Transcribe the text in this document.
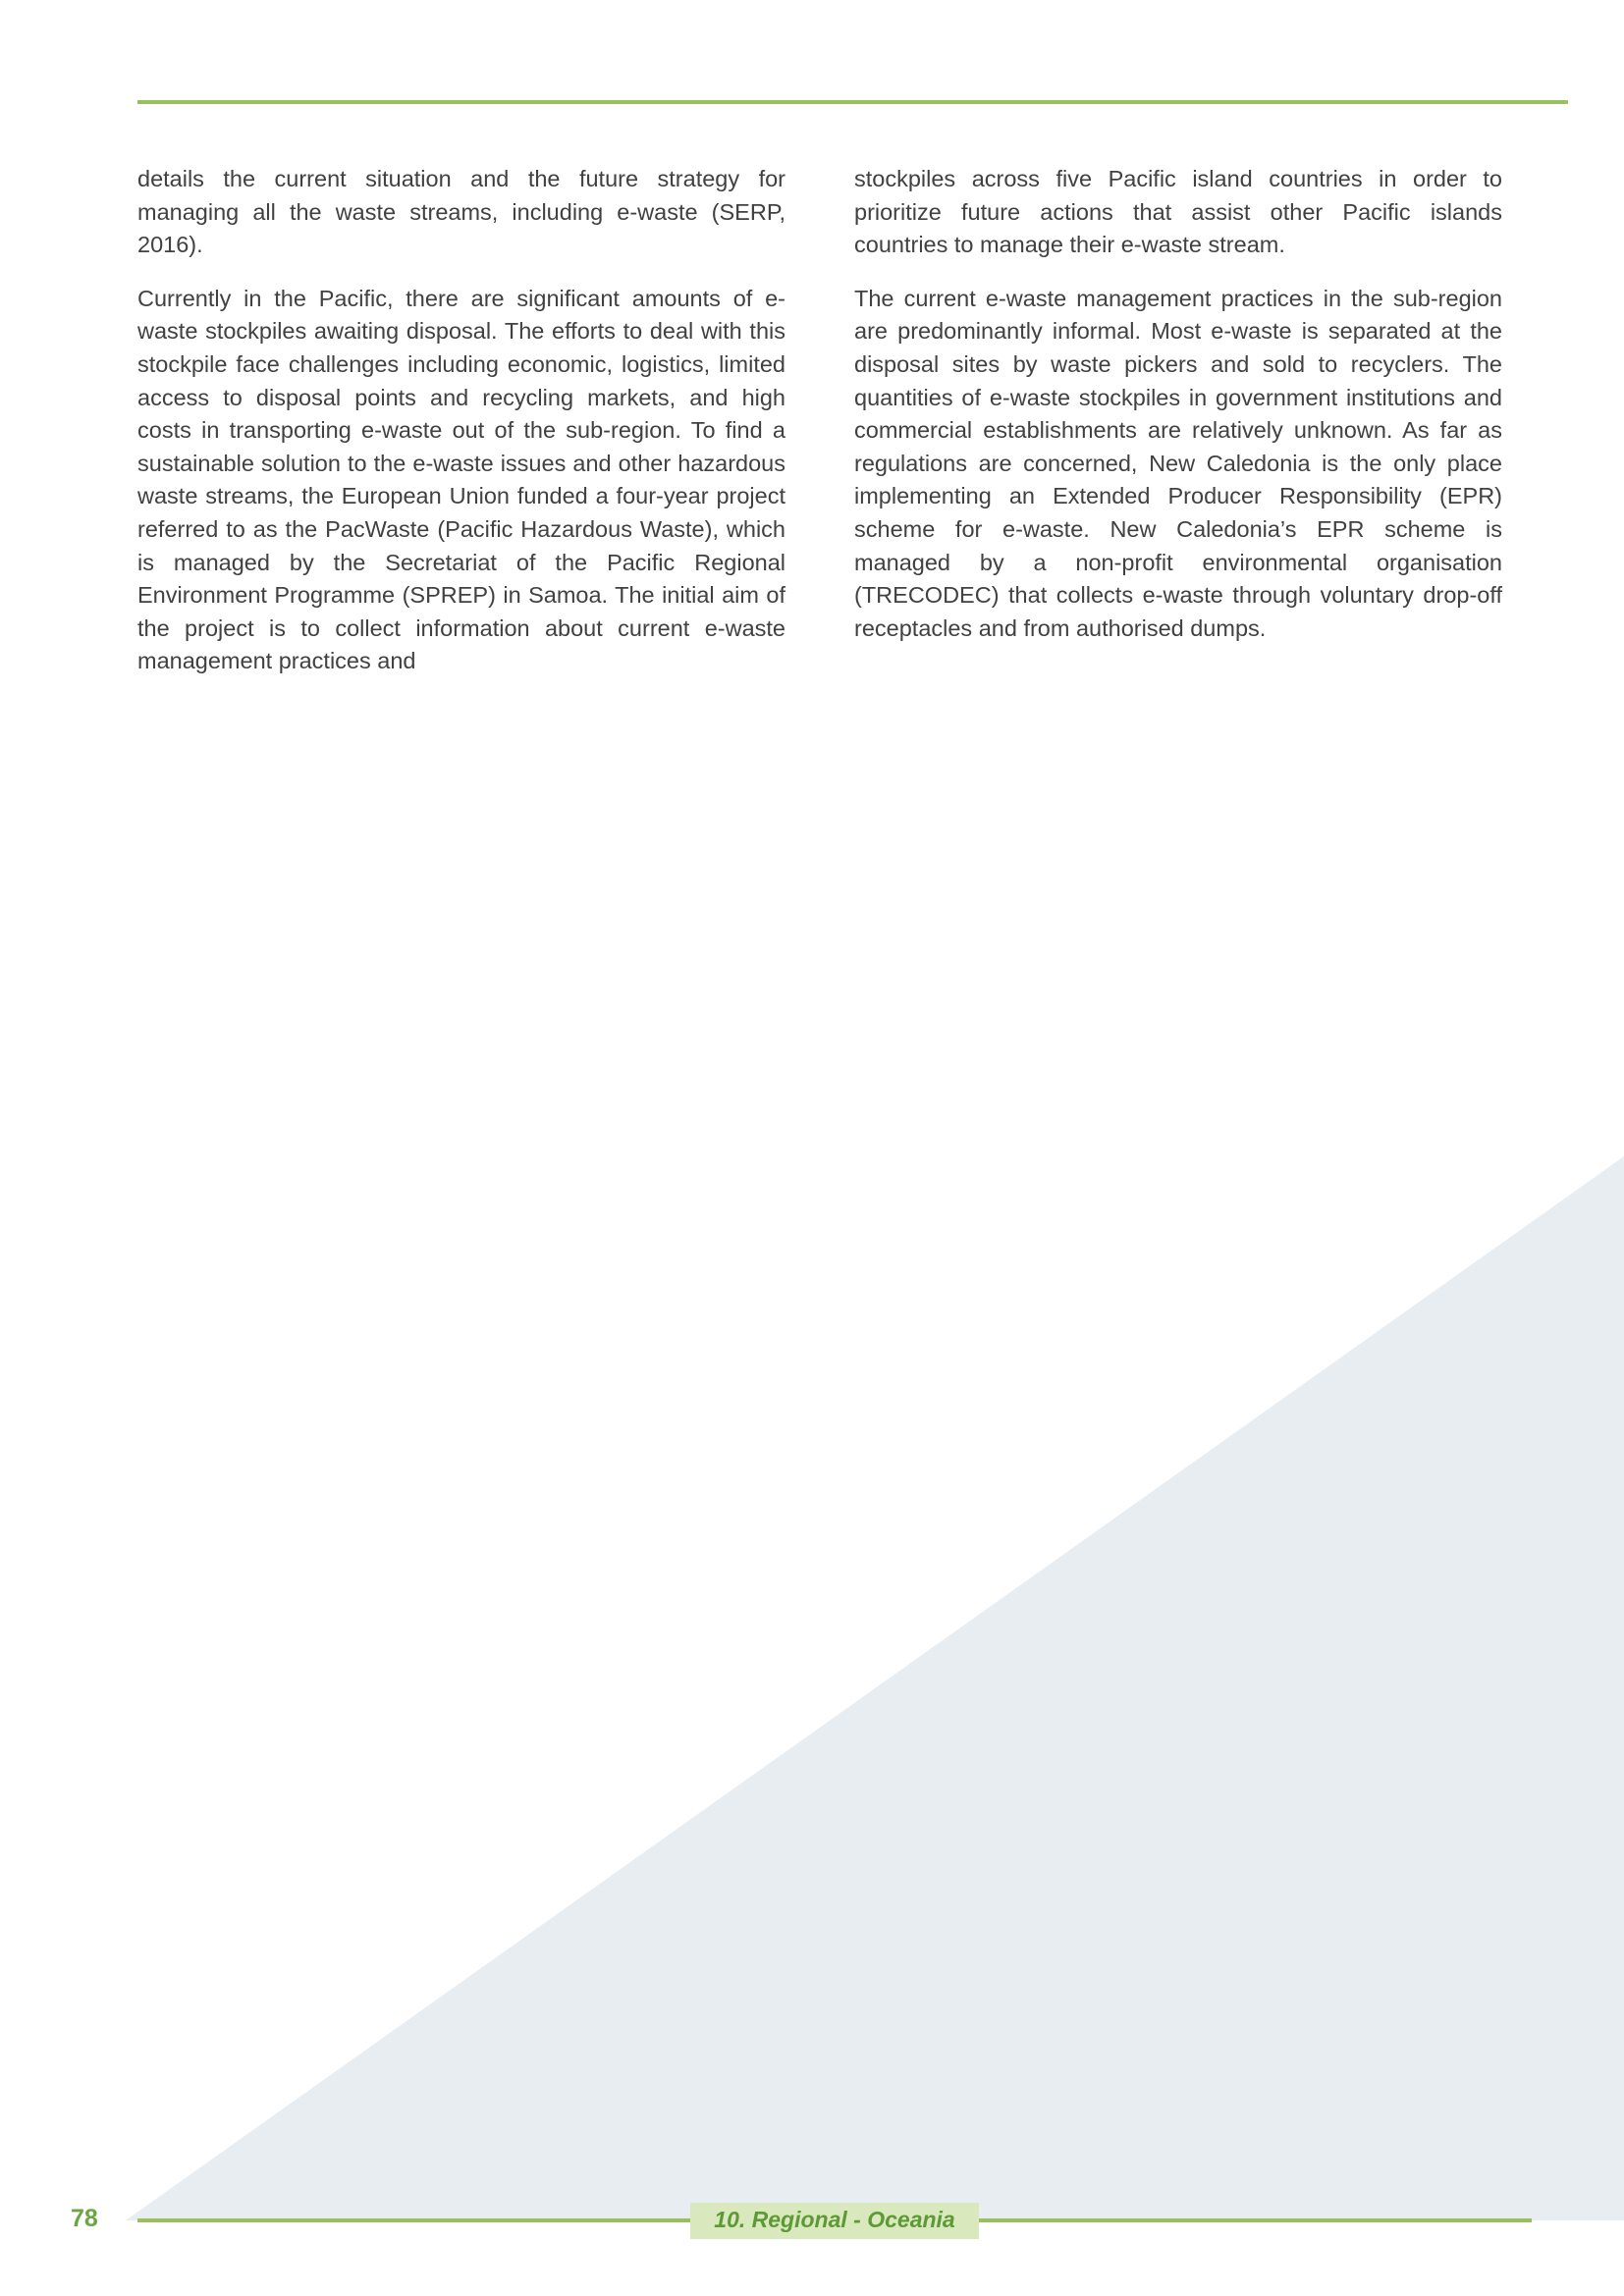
details the current situation and the future strategy for managing all the waste streams, including e-waste (SERP, 2016).

Currently in the Pacific, there are significant amounts of e-waste stockpiles awaiting disposal. The efforts to deal with this stockpile face challenges including economic, logistics, limited access to disposal points and recycling markets, and high costs in transporting e-waste out of the sub-region. To find a sustainable solution to the e-waste issues and other hazardous waste streams, the European Union funded a four-year project referred to as the PacWaste (Pacific Hazardous Waste), which is managed by the Secretariat of the Pacific Regional Environment Programme (SPREP) in Samoa. The initial aim of the project is to collect information about current e-waste management practices and

stockpiles across five Pacific island countries in order to prioritize future actions that assist other Pacific islands countries to manage their e-waste stream.

The current e-waste management practices in the sub-region are predominantly informal. Most e-waste is separated at the disposal sites by waste pickers and sold to recyclers. The quantities of e-waste stockpiles in government institutions and commercial establishments are relatively unknown. As far as regulations are concerned, New Caledonia is the only place implementing an Extended Producer Responsibility (EPR) scheme for e-waste. New Caledonia’s EPR scheme is managed by a non-profit environmental organisation (TRECODEC) that collects e-waste through voluntary drop-off receptacles and from authorised dumps.

78	10. Regional - Oceania
